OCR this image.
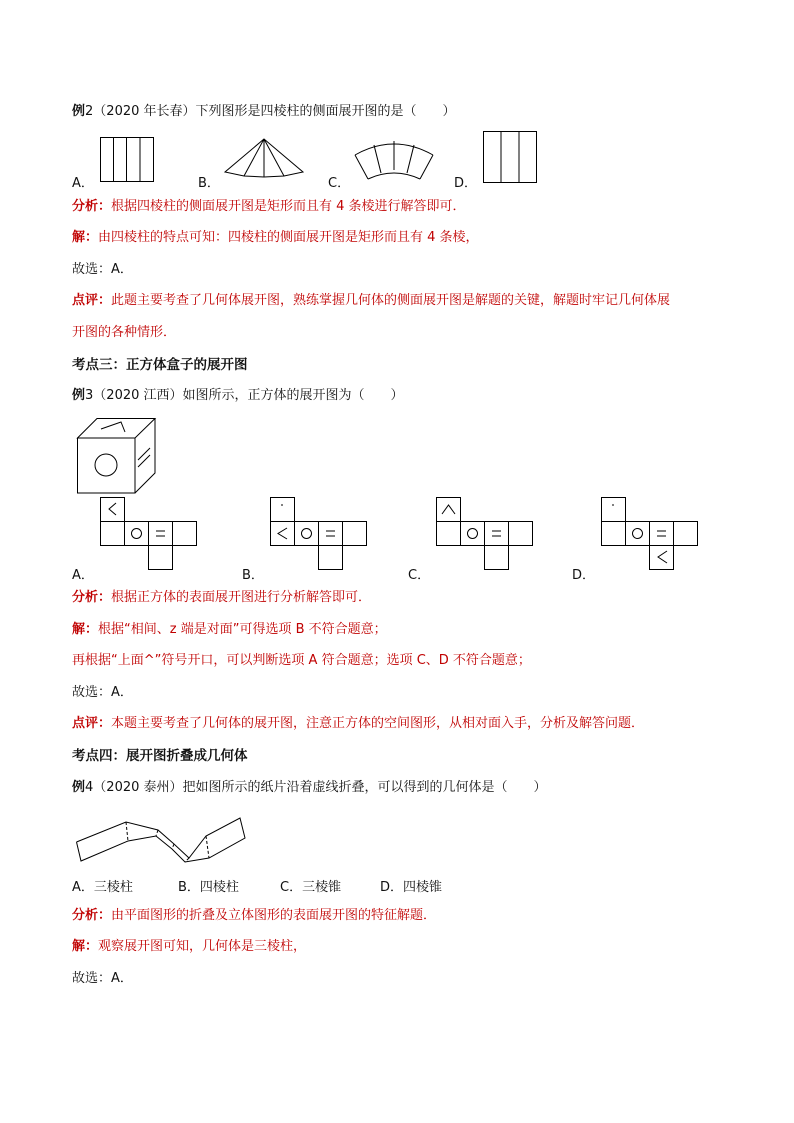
例2（2020 年长春）下列图形是四棱柱的侧面展开图的是（　　）
A．	B．	C．	D．
分析：根据四棱柱的侧面展开图是矩形而且有 4 条棱进行解答即可．
解：由四棱柱的特点可知：四棱柱的侧面展开图是矩形而且有 4 条棱，
故选：A．
点评：此题主要考查了几何体展开图，熟练掌握几何体的侧面展开图是解题的关键，解题时牢记几何体展
开图的各种情形．
考点三：正方体盒子的展开图
例3（2020 江西）如图所示，正方体的展开图为（　　）
A．	B．	C．	D．
分析：根据正方体的表面展开图进行分析解答即可．
解：根据“相间、z 端是对面”可得选项 B 不符合题意；
再根据“上面^”符号开口，可以判断选项 A 符合题意；选项 C、D 不符合题意；
故选：A．
点评：本题主要考查了几何体的展开图，注意正方体的空间图形，从相对面入手，分析及解答问题．
考点四：展开图折叠成几何体
例4（2020 泰州）把如图所示的纸片沿着虚线折叠，可以得到的几何体是（　　）
A．三棱柱	B．四棱柱	C．三棱锥	D．四棱锥
分析：由平面图形的折叠及立体图形的表面展开图的特征解题．
解：观察展开图可知，几何体是三棱柱，
故选：A．
